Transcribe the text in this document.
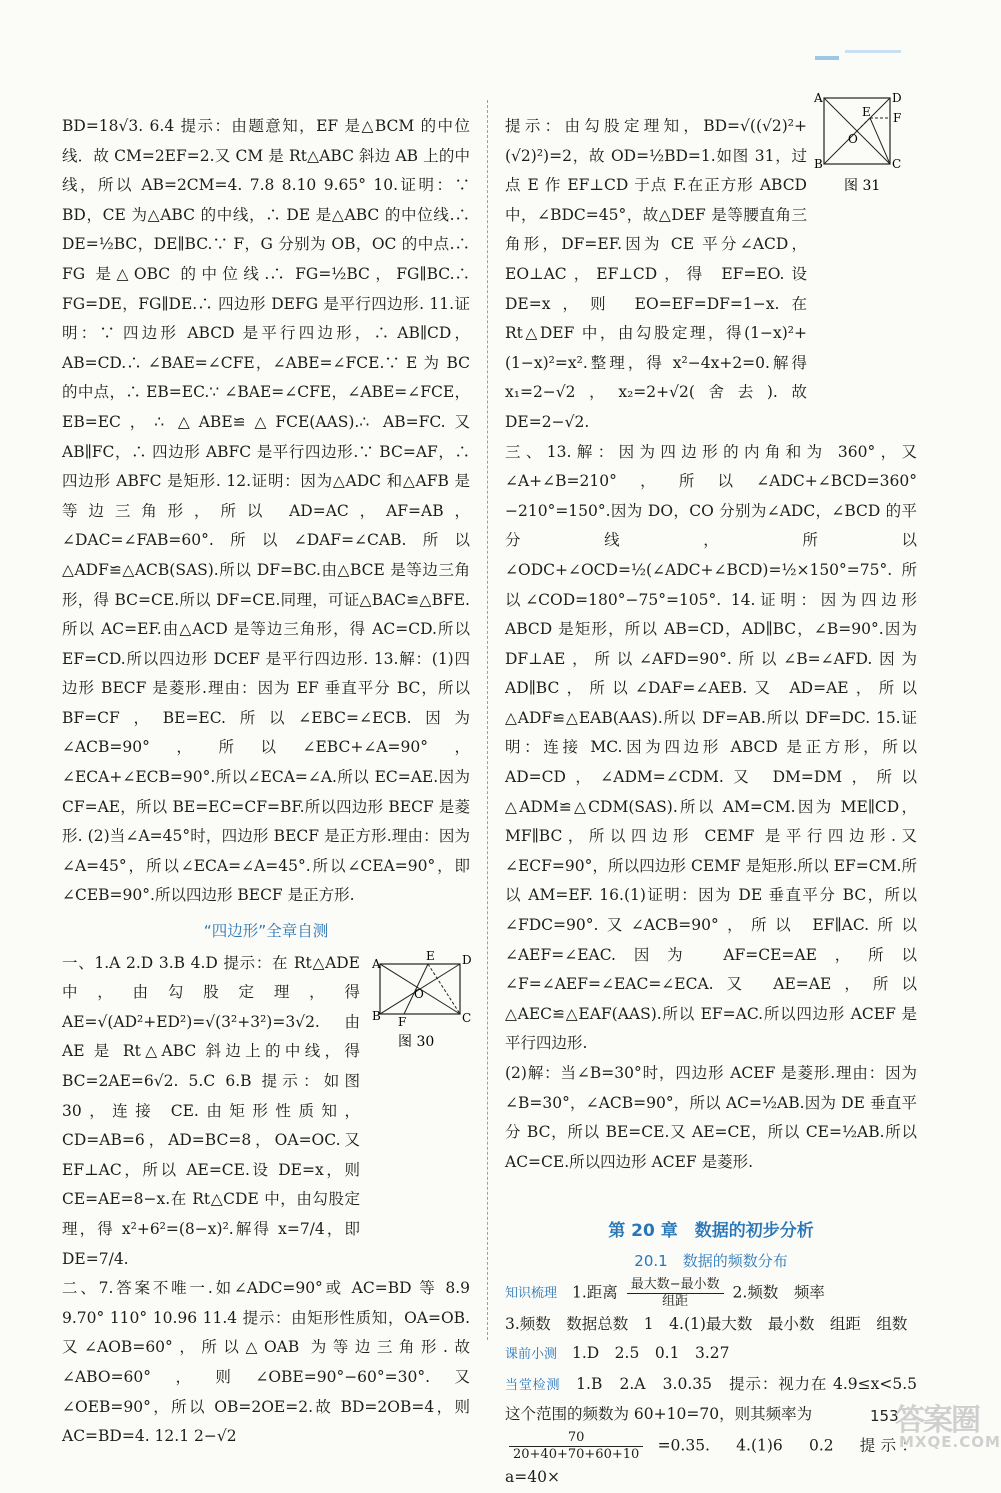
BD=18√3. 6.4 提示：由题意知，EF 是△BCM 的中位线．故 CM=2EF=2.又 CM 是 Rt△ABC 斜边 AB 上的中线，所以 AB=2CM=4. 7.8 8.10 9.65° 10.证明：∵ BD，CE 为△ABC 的中线，∴ DE 是△ABC 的中位线.∴ DE=½BC，DE∥BC.∵ F，G 分别为 OB，OC 的中点.∴ FG 是△OBC 的中位线.∴ FG=½BC，FG∥BC.∴ FG=DE，FG∥DE.∴ 四边形 DEFG 是平行四边形. 11.证明：∵ 四边形 ABCD 是平行四边形，∴ AB∥CD，AB=CD.∴ ∠BAE=∠CFE，∠ABE=∠FCE.∵ E 为 BC 的中点，∴ EB=EC.∵ ∠BAE=∠CFE，∠ABE=∠FCE，EB=EC，∴ △ABE≌△FCE(AAS).∴ AB=FC.又 AB∥FC，∴ 四边形 ABFC 是平行四边形.∵ BC=AF，∴ 四边形 ABFC 是矩形. 12.证明：因为△ADC 和△AFB 是等边三角形，所以 AD=AC，AF=AB，∠DAC=∠FAB=60°.所以∠DAF=∠CAB.所以△ADF≌△ACB(SAS).所以 DF=BC.由△BCE 是等边三角形，得 BC=CE.所以 DF=CE.同理，可证△BAC≌△BFE.所以 AC=EF.由△ACD 是等边三角形，得 AC=CD.所以 EF=CD.所以四边形 DCEF 是平行四边形. 13.解：(1)四边形 BECF 是菱形.理由：因为 EF 垂直平分 BC，所以 BF=CF，BE=EC.所以∠EBC=∠ECB.因为∠ACB=90°，所以∠EBC+∠A=90°，∠ECA+∠ECB=90°.所以∠ECA=∠A.所以 EC=AE.因为 CF=AE，所以 BE=EC=CF=BF.所以四边形 BECF 是菱形. (2)当∠A=45°时，四边形 BECF 是正方形.理由：因为∠A=45°，所以∠ECA=∠A=45°.所以∠CEA=90°，即∠CEB=90°.所以四边形 BECF 是正方形.

“四边形”全章自测

一、1.A 2.D 3.B 4.D 提示：在 Rt△ADE 中，由勾股定理，得 AE=√(AD²+ED²)=√(3²+3²)=3√2.由 AE 是 Rt△ABC 斜边上的中线，得 BC=2AE=6√2. 5.C 6.B 提示：如图 30，连接 CE.由矩形性质知，CD=AB=6，AD=BC=8，OA=OC.又 EF⊥AC，所以 AE=CE.设 DE=x，则 CE=AE=8−x.在 Rt△CDE 中，由勾股定理，得 x²+6²=(8−x)².解得 x=7/4，即 DE=7/4.

二、7.答案不唯一.如∠ADC=90°或 AC=BD 等 8.9 9.70° 110° 10.96 11.4 提示：由矩形性质知，OA=OB.又∠AOB=60°，所以△OAB 为等边三角形.故∠ABO=60°，则∠OBE=90°−60°=30°.又∠OEB=90°，所以 OB=2OE=2.故 BD=2OB=4，则 AC=BD=4. 12.1 2−√2

A
E D
O
B F	C
图 30

提示：由勾股定理知，BD=√((√2)²+(√2)²)=2，故 OD=½BD=1.如图 31，过点 E 作 EF⊥CD 于点 F.在正方形 ABCD 中，∠BDC=45°，故△DEF 是等腰直角三角形，DF=EF.因为 CE 平分∠ACD，EO⊥AC，EF⊥CD，得 EF=EO.设 DE=x，则 EO=EF=DF=1−x.在 Rt△DEF 中，由勾股定理，得(1−x)²+(1−x)²=x².整理，得 x²−4x+2=0.解得 x₁=2−√2，x₂=2+√2(舍去).故 DE=2−√2.

三、13.解：因为四边形的内角和为 360°，又∠A+∠B=210°，所以∠ADC+∠BCD=360°−210°=150°.因为 DO，CO 分别为∠ADC，∠BCD 的平分线，所以∠ODC+∠OCD=½(∠ADC+∠BCD)=½×150°=75°.所以∠COD=180°−75°=105°. 14.证明：因为四边形 ABCD 是矩形，所以 AB=CD，AD∥BC，∠B=90°.因为 DF⊥AE，所以∠AFD=90°.所以∠B=∠AFD.因为 AD∥BC，所以∠DAF=∠AEB.又 AD=AE，所以△ADF≌△EAB(AAS).所以 DF=AB.所以 DF=DC. 15.证明：连接 MC.因为四边形 ABCD 是正方形，所以 AD=CD，∠ADM=∠CDM.又 DM=DM，所以△ADM≌△CDM(SAS).所以 AM=CM.因为 ME∥CD，MF∥BC，所以四边形 CEMF 是平行四边形.又∠ECF=90°，所以四边形 CEMF 是矩形.所以 EF=CM.所以 AM=EF. 16.(1)证明：因为 DE 垂直平分 BC，所以∠FDC=90°.又∠ACB=90°，所以 EF∥AC.所以∠AEF=∠EAC.因为 AF=CE=AE，所以∠F=∠AEF=∠EAC=∠ECA.又 AE=AE，所以△AEC≌△EAF(AAS).所以 EF=AC.所以四边形 ACEF 是平行四边形.

(2)解：当∠B=30°时，四边形 ACEF 是菱形.理由：因为∠B=30°，∠ACB=90°，所以 AC=½AB.因为 DE 垂直平分 BC，所以 BE=CE.又 AE=CE，所以 CE=½AB.所以 AC=CE.所以四边形 ACEF 是菱形.

第 20 章　数据的初步分析

20.1　数据的频数分布

知识梳理 1.距离 $\frac{\text{最大数−最小数}}{\text{组距}} 2$.频数　频率

3.频数　数据总数　1　4.(1)最大数　最小数　组距　组数

课前小测 1.D　2.5　0.1　3.27

当堂检测 1.B　2.A　3.0.35　提示：视力在 4.9≤x<5.5 这个范围的频数为 60+10=70，则其频率为

$\frac{70}{20+40+70+60+10} =0.35$.　4.(1)6　0.2　提示：a=40×

A	D
E F
O
B	C
图 31
153
答案圈
MXQE.COM
